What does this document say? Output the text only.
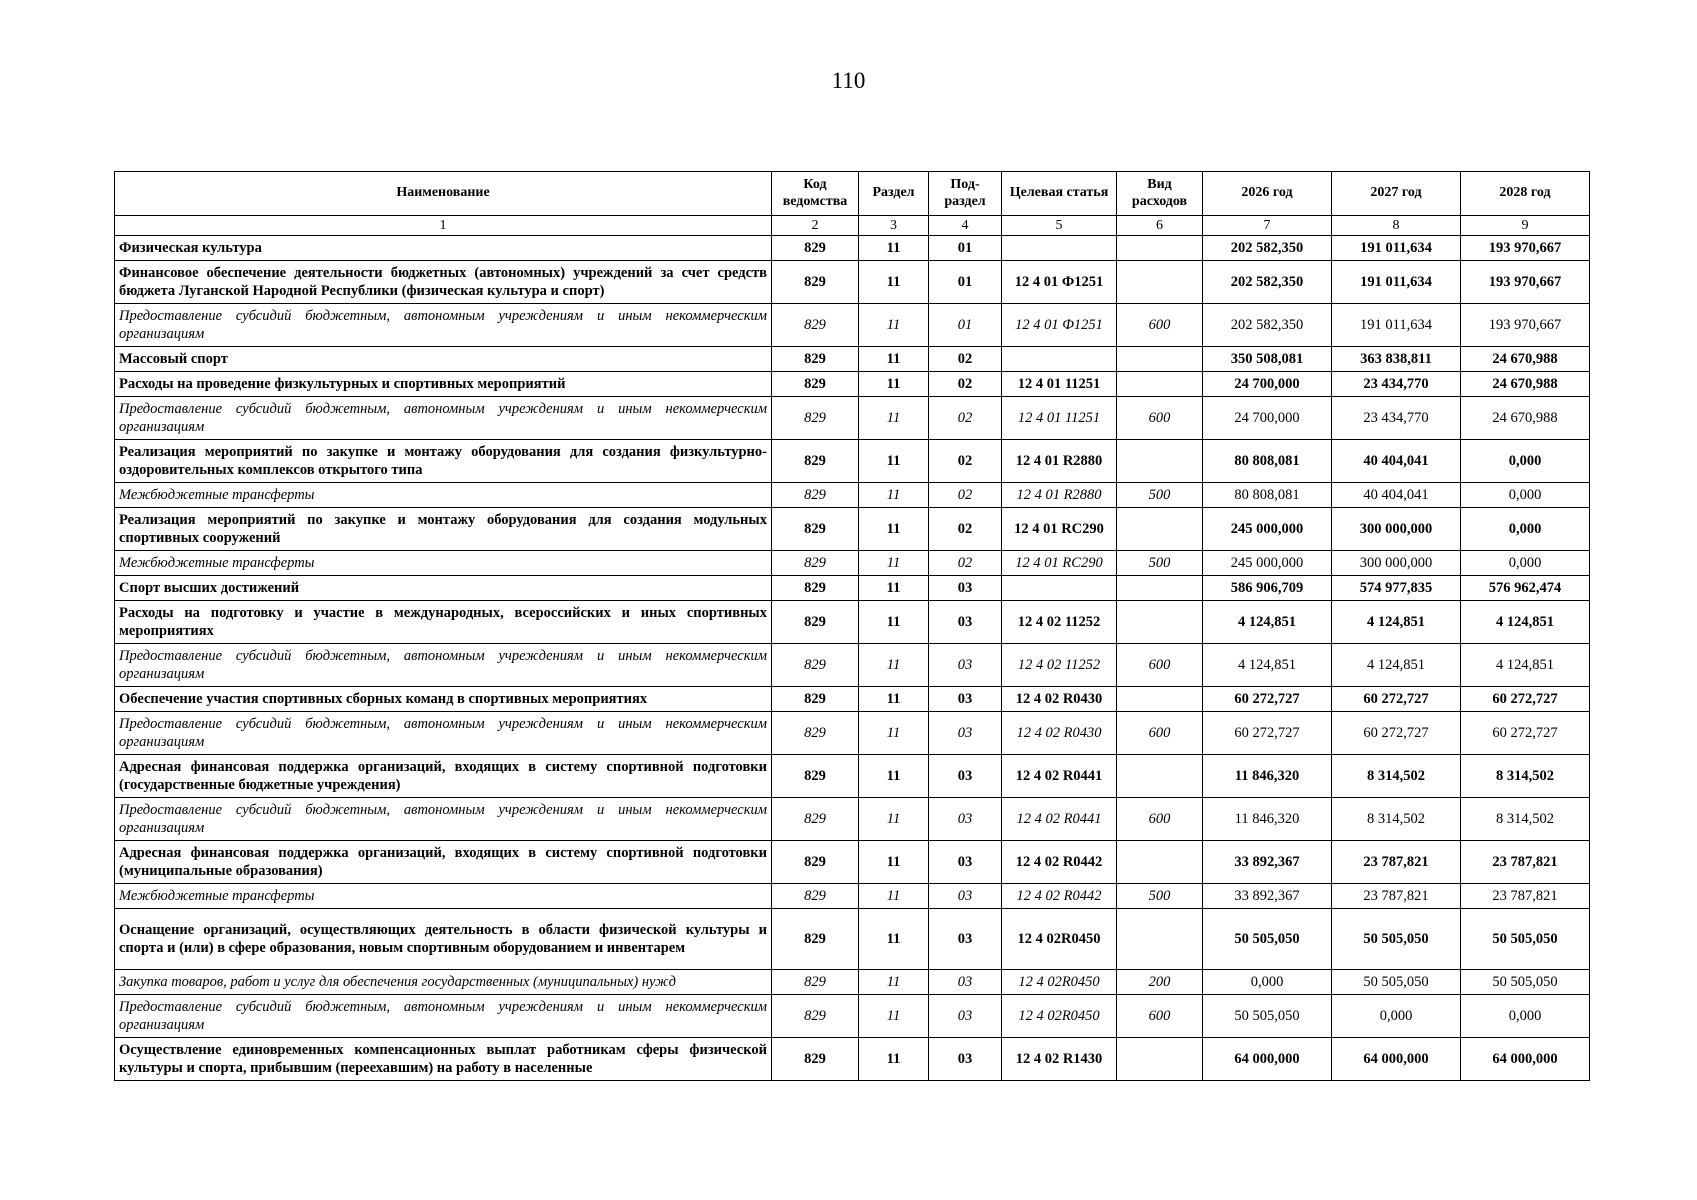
110
Наименование	Код ведомства	Раздел	Под-раздел	Целевая статья	Вид расходов	2026 год	2027 год	2028 год
1	2	3	4	5	6	7	8	9
Физическая культура	829	11	01			202 582,350	191 011,634	193 970,667
Финансовое обеспечение деятельности бюджетных (автономных) учреждений за счет средств бюджета Луганской Народной Республики (физическая культура и спорт)	829	11	01	12 4 01 Ф1251		202 582,350	191 011,634	193 970,667
Предоставление субсидий бюджетным, автономным учреждениям и иным некоммерческим организациям	829	11	01	12 4 01 Ф1251	600	202 582,350	191 011,634	193 970,667
Массовый спорт	829	11	02			350 508,081	363 838,811	24 670,988
Расходы на проведение физкультурных и спортивных мероприятий	829	11	02	12 4 01 11251		24 700,000	23 434,770	24 670,988
Предоставление субсидий бюджетным, автономным учреждениям и иным некоммерческим организациям	829	11	02	12 4 01 11251	600	24 700,000	23 434,770	24 670,988
Реализация мероприятий по закупке и монтажу оборудования для создания физкультурно-оздоровительных комплексов открытого типа	829	11	02	12 4 01 R2880		80 808,081	40 404,041	0,000
Межбюджетные трансферты	829	11	02	12 4 01 R2880	500	80 808,081	40 404,041	0,000
Реализация мероприятий по закупке и монтажу оборудования для создания модульных спортивных сооружений	829	11	02	12 4 01 RC290		245 000,000	300 000,000	0,000
Межбюджетные трансферты	829	11	02	12 4 01 RC290	500	245 000,000	300 000,000	0,000
Спорт высших достижений	829	11	03			586 906,709	574 977,835	576 962,474
Расходы на подготовку и участие в международных, всероссийских и иных спортивных мероприятиях	829	11	03	12 4 02 11252		4 124,851	4 124,851	4 124,851
Предоставление субсидий бюджетным, автономным учреждениям и иным некоммерческим организациям	829	11	03	12 4 02 11252	600	4 124,851	4 124,851	4 124,851
Обеспечение участия спортивных сборных команд в спортивных мероприятиях	829	11	03	12 4 02 R0430		60 272,727	60 272,727	60 272,727
Предоставление субсидий бюджетным, автономным учреждениям и иным некоммерческим организациям	829	11	03	12 4 02 R0430	600	60 272,727	60 272,727	60 272,727
Адресная финансовая поддержка организаций, входящих в систему спортивной подготовки (государственные бюджетные учреждения)	829	11	03	12 4 02 R0441		11 846,320	8 314,502	8 314,502
Предоставление субсидий бюджетным, автономным учреждениям и иным некоммерческим организациям	829	11	03	12 4 02 R0441	600	11 846,320	8 314,502	8 314,502
Адресная финансовая поддержка организаций, входящих в систему спортивной подготовки (муниципальные образования)	829	11	03	12 4 02 R0442		33 892,367	23 787,821	23 787,821
Межбюджетные трансферты	829	11	03	12 4 02 R0442	500	33 892,367	23 787,821	23 787,821
Оснащение организаций, осуществляющих деятельность в области физической культуры и спорта и (или) в сфере образования, новым спортивным оборудованием и инвентарем	829	11	03	12 4 02R0450		50 505,050	50 505,050	50 505,050
Закупка товаров, работ и услуг для обеспечения государственных (муниципальных) нужд	829	11	03	12 4 02R0450	200	0,000	50 505,050	50 505,050
Предоставление субсидий бюджетным, автономным учреждениям и иным некоммерческим организациям	829	11	03	12 4 02R0450	600	50 505,050	0,000	0,000
Осуществление единовременных компенсационных выплат работникам сферы физической культуры и спорта, прибывшим (переехавшим) на работу в населенные	829	11	03	12 4 02 R1430		64 000,000	64 000,000	64 000,000
